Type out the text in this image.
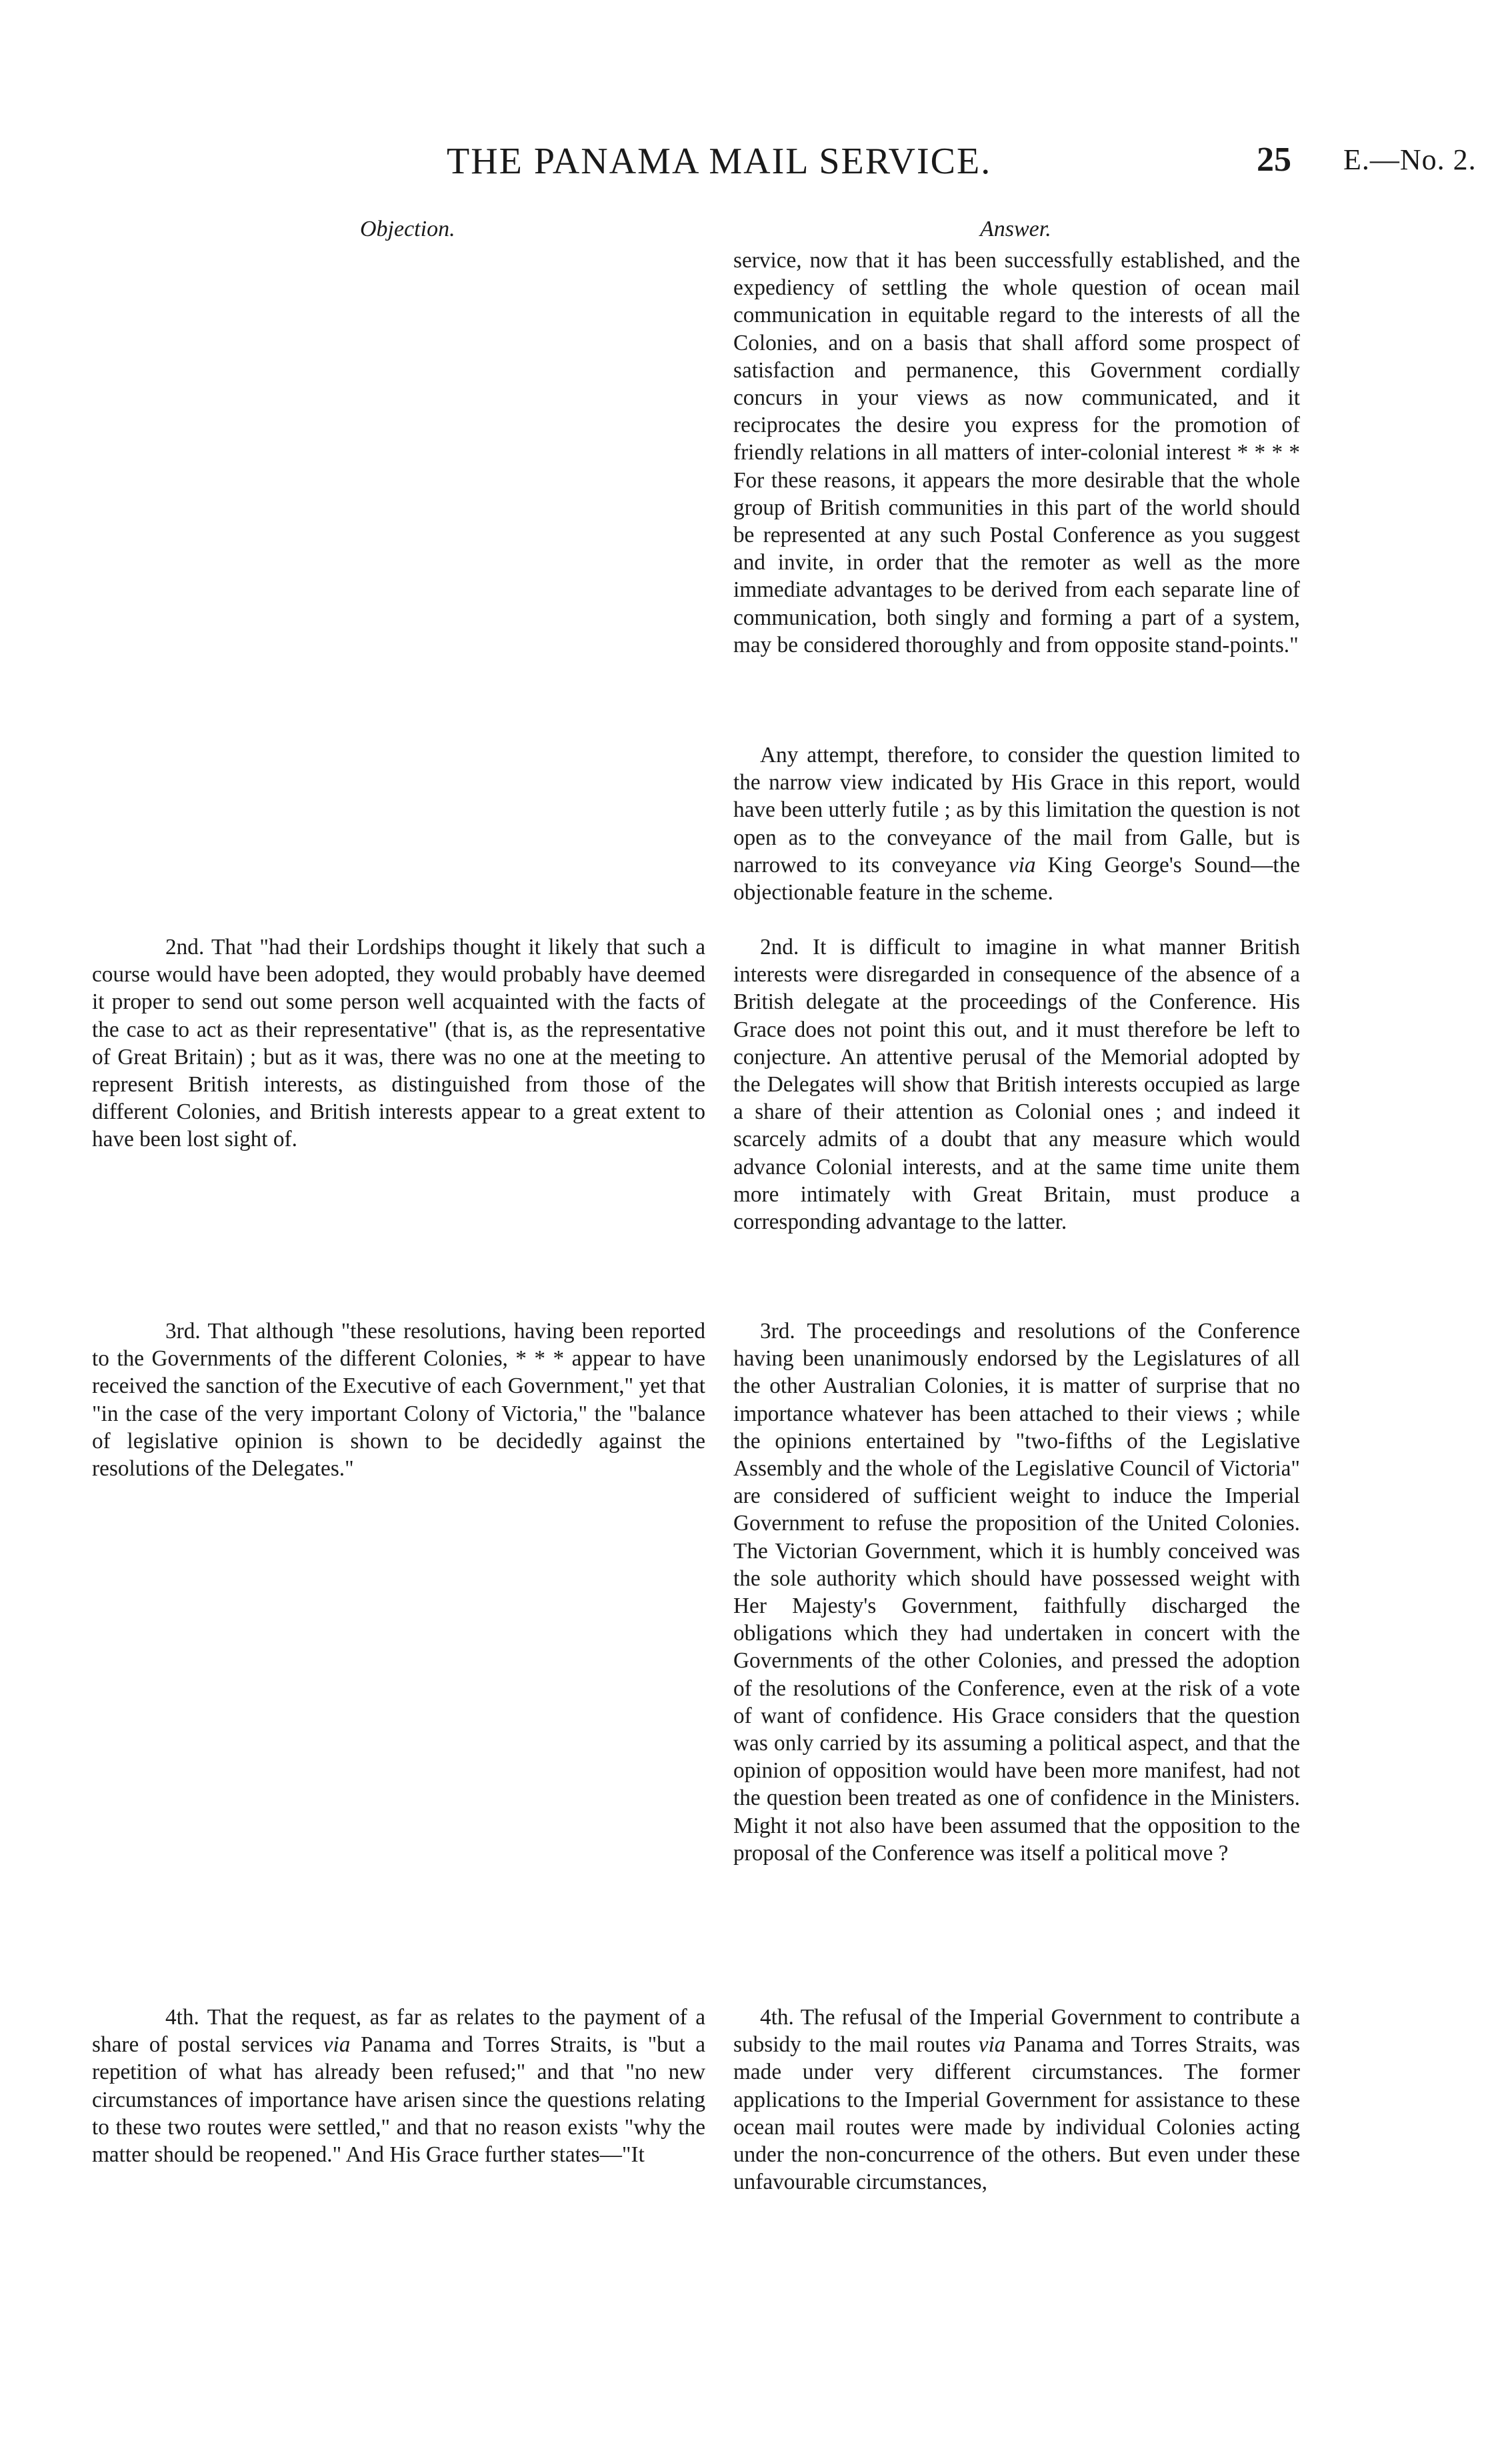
THE PANAMA MAIL SERVICE.	25 E.—No. 2.
Objection.	Answer.

service, now that it has been successfully established, and the expediency of settling the whole question of ocean mail communication in equitable regard to the interests of all the Colonies, and on a basis that shall afford some prospect of satisfaction and permanence, this Government cordially concurs in your views as now communicated, and it reciprocates the desire you express for the promotion of friendly relations in all matters of inter-colonial interest * * * * For these reasons, it appears the more desirable that the whole group of British communities in this part of the world should be represented at any such Postal Conference as you suggest and invite, in order that the remoter as well as the more immediate advantages to be derived from each separate line of communication, both singly and forming a part of a system, may be considered thoroughly and from opposite stand-points."

Any attempt, therefore, to consider the question limited to the narrow view indicated by His Grace in this report, would have been utterly futile ; as by this limitation the question is not open as to the conveyance of the mail from Galle, but is narrowed to its conveyance via King George's Sound—the objectionable feature in the scheme.

2nd. It is difficult to imagine in what manner British interests were disregarded in consequence of the absence of a British delegate at the proceedings of the Conference. His Grace does not point this out, and it must therefore be left to conjecture. An attentive perusal of the Memorial adopted by the Delegates will show that British interests occupied as large a share of their attention as Colonial ones ; and indeed it scarcely admits of a doubt that any measure which would advance Colonial interests, and at the same time unite them more intimately with Great Britain, must produce a corresponding advantage to the latter.

3rd. The proceedings and resolutions of the Conference having been unanimously endorsed by the Legislatures of all the other Australian Colonies, it is matter of surprise that no importance whatever has been attached to their views ; while the opinions entertained by "two-fifths of the Legislative Assembly and the whole of the Legislative Council of Victoria" are considered of sufficient weight to induce the Imperial Government to refuse the proposition of the United Colonies. The Victorian Government, which it is humbly conceived was the sole authority which should have possessed weight with Her Majesty's Government, faithfully discharged the obligations which they had undertaken in concert with the Governments of the other Colonies, and pressed the adoption of the resolutions of the Conference, even at the risk of a vote of want of confidence. His Grace considers that the question was only carried by its assuming a political aspect, and that the opinion of opposition would have been more manifest, had not the question been treated as one of confidence in the Ministers. Might it not also have been assumed that the opposition to the proposal of the Conference was itself a political move ?

4th. The refusal of the Imperial Government to contribute a subsidy to the mail routes via Panama and Torres Straits, was made under very different circumstances. The former applications to the Imperial Government for assistance to these ocean mail routes were made by individual Colonies acting under the non-concurrence of the others. But even under these unfavourable circumstances,

2nd. That "had their Lordships thought it likely that such a course would have been adopted, they would probably have deemed it proper to send out some person well acquainted with the facts of the case to act as their representative" (that is, as the representative of Great Britain) ; but as it was, there was no one at the meeting to represent British interests, as distinguished from those of the different Colonies, and British interests appear to a great extent to have been lost sight of.

3rd. That although "these resolutions, having been reported to the Governments of the different Colonies, * * * appear to have received the sanction of the Executive of each Government," yet that "in the case of the very important Colony of Victoria," the "balance of legislative opinion is shown to be decidedly against the resolutions of the Delegates."

4th. That the request, as far as relates to the payment of a share of postal services via Panama and Torres Straits, is "but a repetition of what has already been refused;" and that "no new circumstances of importance have arisen since the questions relating to these two routes were settled," and that no reason exists "why the matter should be reopened." And His Grace further states—"It
